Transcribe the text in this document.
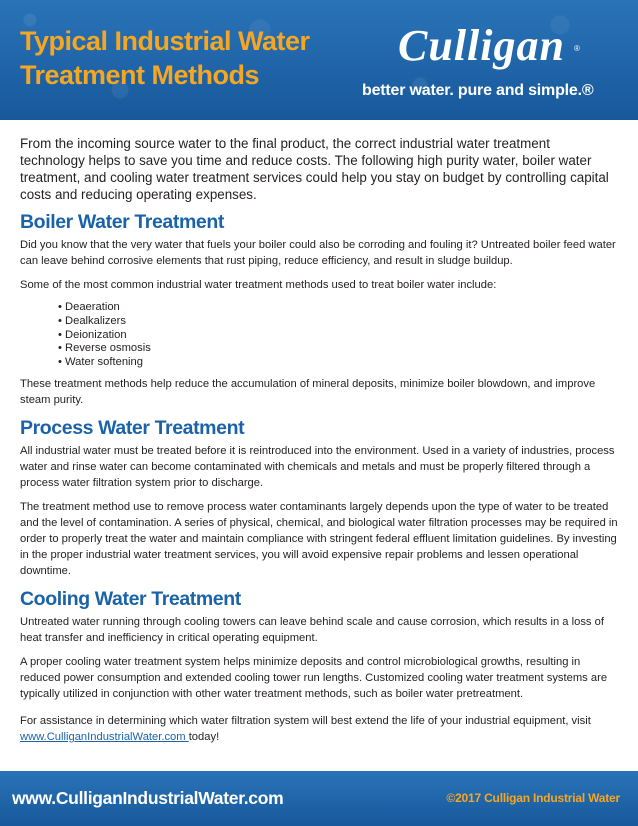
Typical Industrial Water
Treatment Methods
Culligan ®
better water. pure and simple.®

From the incoming source water to the final product, the correct industrial water treatment technology helps to save you time and reduce costs. The following high purity water, boiler water treatment, and cooling water treatment services could help you stay on budget by controlling capital costs and reducing operating expenses.

Boiler Water Treatment

Did you know that the very water that fuels your boiler could also be corroding and fouling it? Untreated boiler feed water can leave behind corrosive elements that rust piping, reduce efficiency, and result in sludge buildup.

Some of the most common industrial water treatment methods used to treat boiler water include:

• Deaeration
• Dealkalizers
• Deionization
• Reverse osmosis
• Water softening

These treatment methods help reduce the accumulation of mineral deposits, minimize boiler blowdown, and improve steam purity.

Process Water Treatment

All industrial water must be treated before it is reintroduced into the environment. Used in a variety of industries, process water and rinse water can become contaminated with chemicals and metals and must be properly filtered through a process water filtration system prior to discharge.

The treatment method use to remove process water contaminants largely depends upon the type of water to be treated and the level of contamination. A series of physical, chemical, and biological water filtration processes may be required in order to properly treat the water and maintain compliance with stringent federal effluent limitation guidelines. By investing in the proper industrial water treatment services, you will avoid expensive repair problems and lessen operational downtime.

Cooling Water Treatment

Untreated water running through cooling towers can leave behind scale and cause corrosion, which results in a loss of heat transfer and inefficiency in critical operating equipment.

A proper cooling water treatment system helps minimize deposits and control microbiological growths, resulting in reduced power consumption and extended cooling tower run lengths. Customized cooling water treatment systems are typically utilized in conjunction with other water treatment methods, such as boiler water pretreatment.

For assistance in determining which water filtration system will best extend the life of your industrial equipment, visit www.CulliganIndustrialWater.com today!

www.CulliganIndustrialWater.com	©2017 Culligan Industrial Water
